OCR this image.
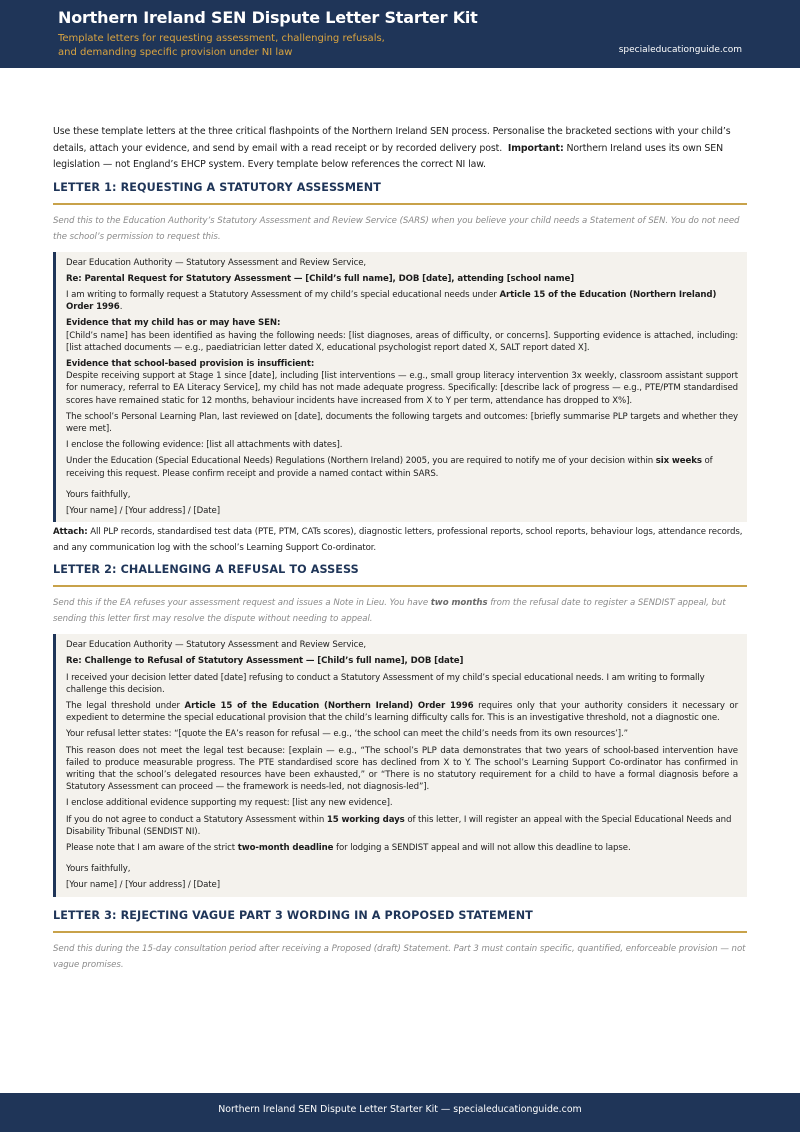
Northern Ireland SEN Dispute Letter Starter Kit
Template letters for requesting assessment, challenging refusals,
and demanding specific provision under NI law	specialeducationguide.com

Use these template letters at the three critical flashpoints of the Northern Ireland SEN process. Personalise the bracketed sections with your child’s details, attach your evidence, and send by email with a read receipt or by recorded delivery post. Important: Northern Ireland uses its own SEN legislation — not England’s EHCP system. Every template below references the correct NI law.

LETTER 1: REQUESTING A STATUTORY ASSESSMENT

Send this to the Education Authority’s Statutory Assessment and Review Service (SARS) when you believe your child needs a Statement of SEN. You do not need the school’s permission to request this.

Dear Education Authority — Statutory Assessment and Review Service,

Re: Parental Request for Statutory Assessment — [Child’s full name], DOB [date], attending [school name]

I am writing to formally request a Statutory Assessment of my child’s special educational needs under Article 15 of the Education (Northern Ireland) Order 1996.

Evidence that my child has or may have SEN:

[Child’s name] has been identified as having the following needs: [list diagnoses, areas of difficulty, or concerns]. Supporting evidence is attached, including: [list attached documents — e.g., paediatrician letter dated X, educational psychologist report dated X, SALT report dated X].

Evidence that school-based provision is insufficient:

Despite receiving support at Stage 1 since [date], including [list interventions — e.g., small group literacy intervention 3x weekly, classroom assistant support for numeracy, referral to EA Literacy Service], my child has not made adequate progress. Specifically: [describe lack of progress — e.g., PTE/PTM standardised scores have remained static for 12 months, behaviour incidents have increased from X to Y per term, attendance has dropped to X%].

The school’s Personal Learning Plan, last reviewed on [date], documents the following targets and outcomes: [briefly summarise PLP targets and whether they were met].

I enclose the following evidence: [list all attachments with dates].

Under the Education (Special Educational Needs) Regulations (Northern Ireland) 2005, you are required to notify me of your decision within six weeks of receiving this request. Please confirm receipt and provide a named contact within SARS.

Yours faithfully,

[Your name] / [Your address] / [Date]

Attach: All PLP records, standardised test data (PTE, PTM, CATs scores), diagnostic letters, professional reports, school reports, behaviour logs, attendance records, and any communication log with the school’s Learning Support Co-ordinator.

LETTER 2: CHALLENGING A REFUSAL TO ASSESS

Send this if the EA refuses your assessment request and issues a Note in Lieu. You have two months from the refusal date to register a SENDIST appeal, but sending this letter first may resolve the dispute without needing to appeal.

Dear Education Authority — Statutory Assessment and Review Service,

Re: Challenge to Refusal of Statutory Assessment — [Child’s full name], DOB [date]

I received your decision letter dated [date] refusing to conduct a Statutory Assessment of my child’s special educational needs. I am writing to formally challenge this decision.

The legal threshold under Article 15 of the Education (Northern Ireland) Order 1996 requires only that your authority considers it necessary or expedient to determine the special educational provision that the child’s learning difficulty calls for. This is an investigative threshold, not a diagnostic one.

Your refusal letter states: “[quote the EA’s reason for refusal — e.g., ‘the school can meet the child’s needs from its own resources’].”

This reason does not meet the legal test because: [explain — e.g., “The school’s PLP data demonstrates that two years of school-based intervention have failed to produce measurable progress. The PTE standardised score has declined from X to Y. The school’s Learning Support Co-ordinator has confirmed in writing that the school’s delegated resources have been exhausted,” or “There is no statutory requirement for a child to have a formal diagnosis before a Statutory Assessment can proceed — the framework is needs-led, not diagnosis-led”].

I enclose additional evidence supporting my request: [list any new evidence].

If you do not agree to conduct a Statutory Assessment within 15 working days of this letter, I will register an appeal with the Special Educational Needs and Disability Tribunal (SENDIST NI).

Please note that I am aware of the strict two-month deadline for lodging a SENDIST appeal and will not allow this deadline to lapse.

Yours faithfully,

[Your name] / [Your address] / [Date]

LETTER 3: REJECTING VAGUE PART 3 WORDING IN A PROPOSED STATEMENT

Send this during the 15-day consultation period after receiving a Proposed (draft) Statement. Part 3 must contain specific, quantified, enforceable provision — not vague promises.

Northern Ireland SEN Dispute Letter Starter Kit — specialeducationguide.com
